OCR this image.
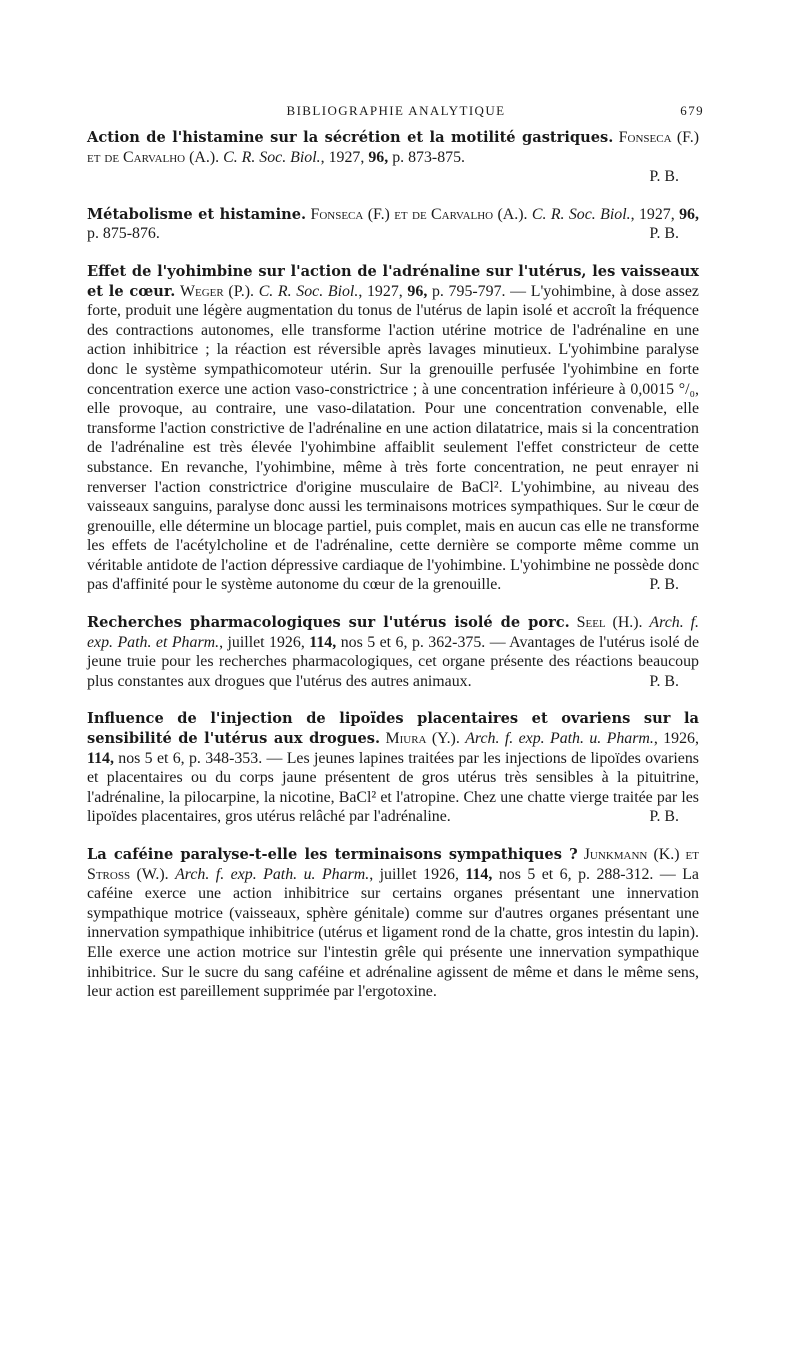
BIBLIOGRAPHIE ANALYTIQUE	679

Action de l'histamine sur la sécrétion et la motilité gastriques. Fonseca (F.) et de Carvalho (A.). C. R. Soc. Biol., 1927, 96, p. 873-875.

P. B.

Métabolisme et histamine. Fonseca (F.) et de Carvalho (A.). C. R. Soc. Biol., 1927, 96, p. 875-876.	P. B.

Effet de l'yohimbine sur l'action de l'adrénaline sur l'utérus, les vaisseaux et le cœur. Weger (P.). C. R. Soc. Biol., 1927, 96, p. 795-797. — L'yohimbine, à dose assez forte, produit une légère augmentation du tonus de l'utérus de lapin isolé et accroît la fréquence des contractions autonomes, elle transforme l'action utérine motrice de l'adrénaline en une action inhibitrice ; la réaction est réversible après lavages minutieux. L'yohimbine paralyse donc le système sympathicomoteur utérin. Sur la grenouille perfusée l'yohimbine en forte concentration exerce une action vaso-constrictrice ; à une concentration inférieure à 0,0015 °/₀, elle provoque, au contraire, une vaso-dilatation. Pour une concentration convenable, elle transforme l'action constrictive de l'adrénaline en une action dilatatrice, mais si la concentration de l'adrénaline est très élevée l'yohimbine affaiblit seulement l'effet constricteur de cette substance. En revanche, l'yohimbine, même à très forte concentration, ne peut enrayer ni renverser l'action constrictrice d'origine musculaire de BaCl². L'yohimbine, au niveau des vaisseaux sanguins, paralyse donc aussi les terminaisons motrices sympathiques. Sur le cœur de grenouille, elle détermine un blocage partiel, puis complet, mais en aucun cas elle ne transforme les effets de l'acétylcholine et de l'adrénaline, cette dernière se comporte même comme un véritable antidote de l'action dépressive cardiaque de l'yohimbine. L'yohimbine ne possède donc pas d'affinité pour le système autonome du cœur de la grenouille.	P. B.

Recherches pharmacologiques sur l'utérus isolé de porc. Seel (H.). Arch. f. exp. Path. et Pharm., juillet 1926, 114, nos 5 et 6, p. 362-375. — Avantages de l'utérus isolé de jeune truie pour les recherches pharmacologiques, cet organe présente des réactions beaucoup plus constantes aux drogues que l'utérus des autres animaux.	P. B.

Influence de l'injection de lipoïdes placentaires et ovariens sur la sensibilité de l'utérus aux drogues. Miura (Y.). Arch. f. exp. Path. u. Pharm., 1926, 114, nos 5 et 6, p. 348-353. — Les jeunes lapines traitées par les injections de lipoïdes ovariens et placentaires ou du corps jaune présentent de gros utérus très sensibles à la pituitrine, l'adrénaline, la pilocarpine, la nicotine, BaCl² et l'atropine. Chez une chatte vierge traitée par les lipoïdes placentaires, gros utérus relâché par l'adrénaline.	P. B.

La caféine paralyse-t-elle les terminaisons sympathiques ? Junkmann (K.) et Stross (W.). Arch. f. exp. Path. u. Pharm., juillet 1926, 114, nos 5 et 6, p. 288-312. — La caféine exerce une action inhibitrice sur certains organes présentant une innervation sympathique motrice (vaisseaux, sphère génitale) comme sur d'autres organes présentant une innervation sympathique inhibitrice (utérus et ligament rond de la chatte, gros intestin du lapin). Elle exerce une action motrice sur l'intestin grêle qui présente une innervation sympathique inhibitrice. Sur le sucre du sang caféine et adrénaline agissent de même et dans le même sens, leur action est pareillement supprimée par l'ergotoxine.
